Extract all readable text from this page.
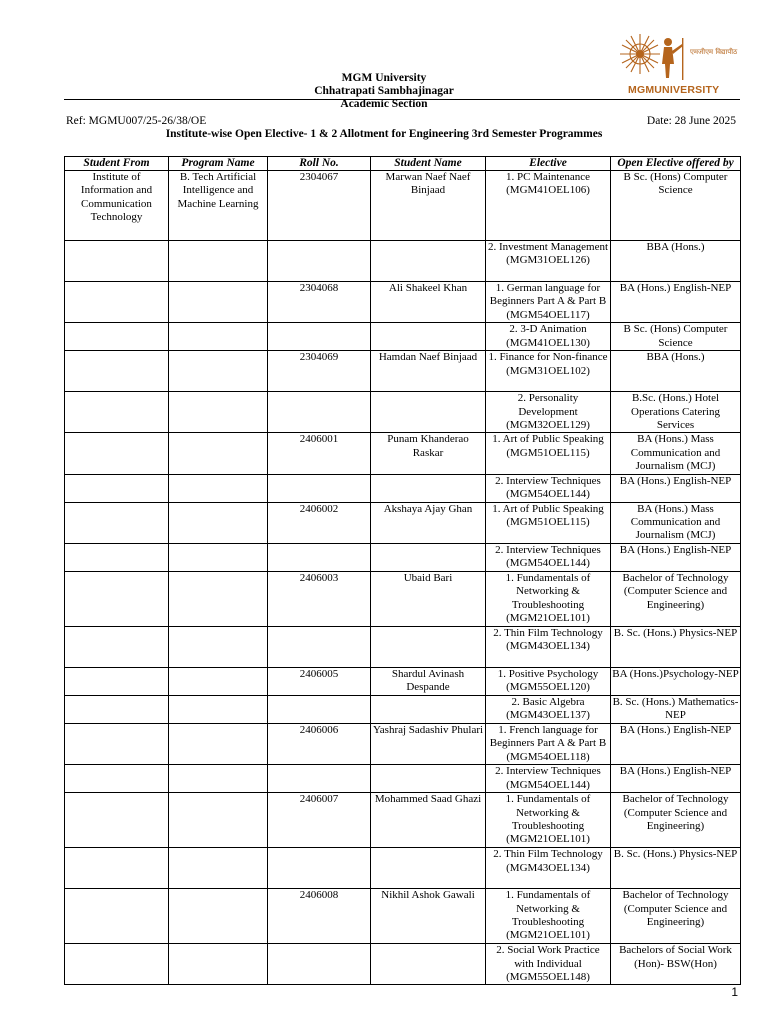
एमजीएम विद्यापीठ
MGMUNIVERSITY
MGM University
Chhatrapati Sambhajinagar
Academic Section
Ref: MGMU007/25-26/38/OE	Date: 28 June 2025
Institute-wise Open Elective- 1 & 2 Allotment for Engineering 3rd Semester Programmes
Student From	Program Name	Roll No.	Student Name	Elective	Open Elective offered by
Institute of Information and Communication Technology	B. Tech Artificial Intelligence and Machine Learning	2304067	Marwan Naef Naef Binjaad	1. PC Maintenance (MGM41OEL106)	B Sc. (Hons) Computer Science
				2. Investment Management (MGM31OEL126)	BBA (Hons.)
		2304068	Ali Shakeel Khan	1. German language for Beginners Part A & Part B (MGM54OEL117)	BA (Hons.) English-NEP
				2. 3-D Animation (MGM41OEL130)	B Sc. (Hons) Computer Science
		2304069	Hamdan Naef Binjaad	1. Finance for Non-finance (MGM31OEL102)	BBA (Hons.)
				2. Personality Development (MGM32OEL129)	B.Sc. (Hons.) Hotel Operations Catering Services
		2406001	Punam Khanderao Raskar	1. Art of Public Speaking (MGM51OEL115)	BA (Hons.) Mass Communication and Journalism (MCJ)
				2. Interview Techniques (MGM54OEL144)	BA (Hons.) English-NEP
		2406002	Akshaya Ajay Ghan	1. Art of Public Speaking (MGM51OEL115)	BA (Hons.) Mass Communication and Journalism (MCJ)
				2. Interview Techniques (MGM54OEL144)	BA (Hons.) English-NEP
		2406003	Ubaid Bari	1. Fundamentals of Networking & Troubleshooting (MGM21OEL101)	Bachelor of Technology (Computer Science and Engineering)
				2. Thin Film Technology (MGM43OEL134)	B. Sc. (Hons.) Physics-NEP
		2406005	Shardul Avinash Despande	1. Positive Psychology (MGM55OEL120)	BA (Hons.)Psychology-NEP
				2. Basic Algebra (MGM43OEL137)	B. Sc. (Hons.) Mathematics- NEP
		2406006	Yashraj Sadashiv Phulari	1. French language for Beginners Part A & Part B (MGM54OEL118)	BA (Hons.) English-NEP
				2. Interview Techniques (MGM54OEL144)	BA (Hons.) English-NEP
		2406007	Mohammed Saad Ghazi	1. Fundamentals of Networking & Troubleshooting (MGM21OEL101)	Bachelor of Technology (Computer Science and Engineering)
				2. Thin Film Technology (MGM43OEL134)	B. Sc. (Hons.) Physics-NEP
		2406008	Nikhil Ashok Gawali	1. Fundamentals of Networking & Troubleshooting (MGM21OEL101)	Bachelor of Technology (Computer Science and Engineering)
				2. Social Work Practice with Individual (MGM55OEL148)	Bachelors of Social Work (Hon)- BSW(Hon)
1
